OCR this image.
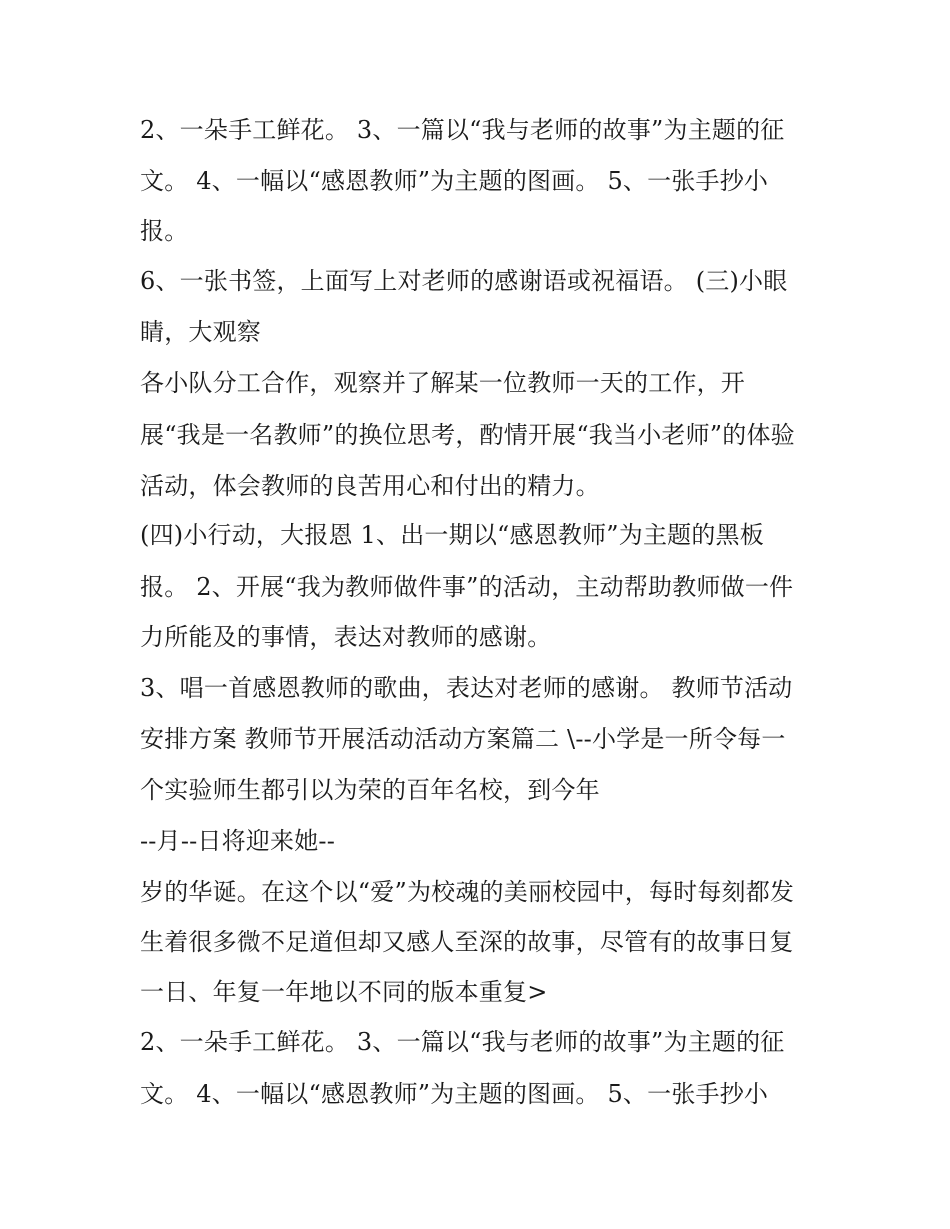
2、一朵手工鲜花。 3、一篇以“我与老师的故事”为主题的征
文。 4、一幅以“感恩教师”为主题的图画。 5、一张手抄小
报。
6、一张书签，上面写上对老师的感谢语或祝福语。 (三)小眼
睛，大观察
各小队分工合作，观察并了解某一位教师一天的工作，开
展“我是一名教师”的换位思考，酌情开展“我当小老师”的体验
活动，体会教师的良苦用心和付出的精力。
(四)小行动，大报恩 1、出一期以“感恩教师”为主题的黑板
报。 2、开展“我为教师做件事”的活动，主动帮助教师做一件
力所能及的事情，表达对教师的感谢。
3、唱一首感恩教师的歌曲，表达对老师的感谢。 教师节活动
安排方案 教师节开展活动活动方案篇二 \--小学是一所令每一
个实验师生都引以为荣的百年名校，到今年
--月--日将迎来她--
岁的华诞。在这个以“爱”为校魂的美丽校园中，每时每刻都发
生着很多微不足道但却又感人至深的故事，尽管有的故事日复
一日、年复一年地以不同的版本重复>
2、一朵手工鲜花。 3、一篇以“我与老师的故事”为主题的征
文。 4、一幅以“感恩教师”为主题的图画。 5、一张手抄小
